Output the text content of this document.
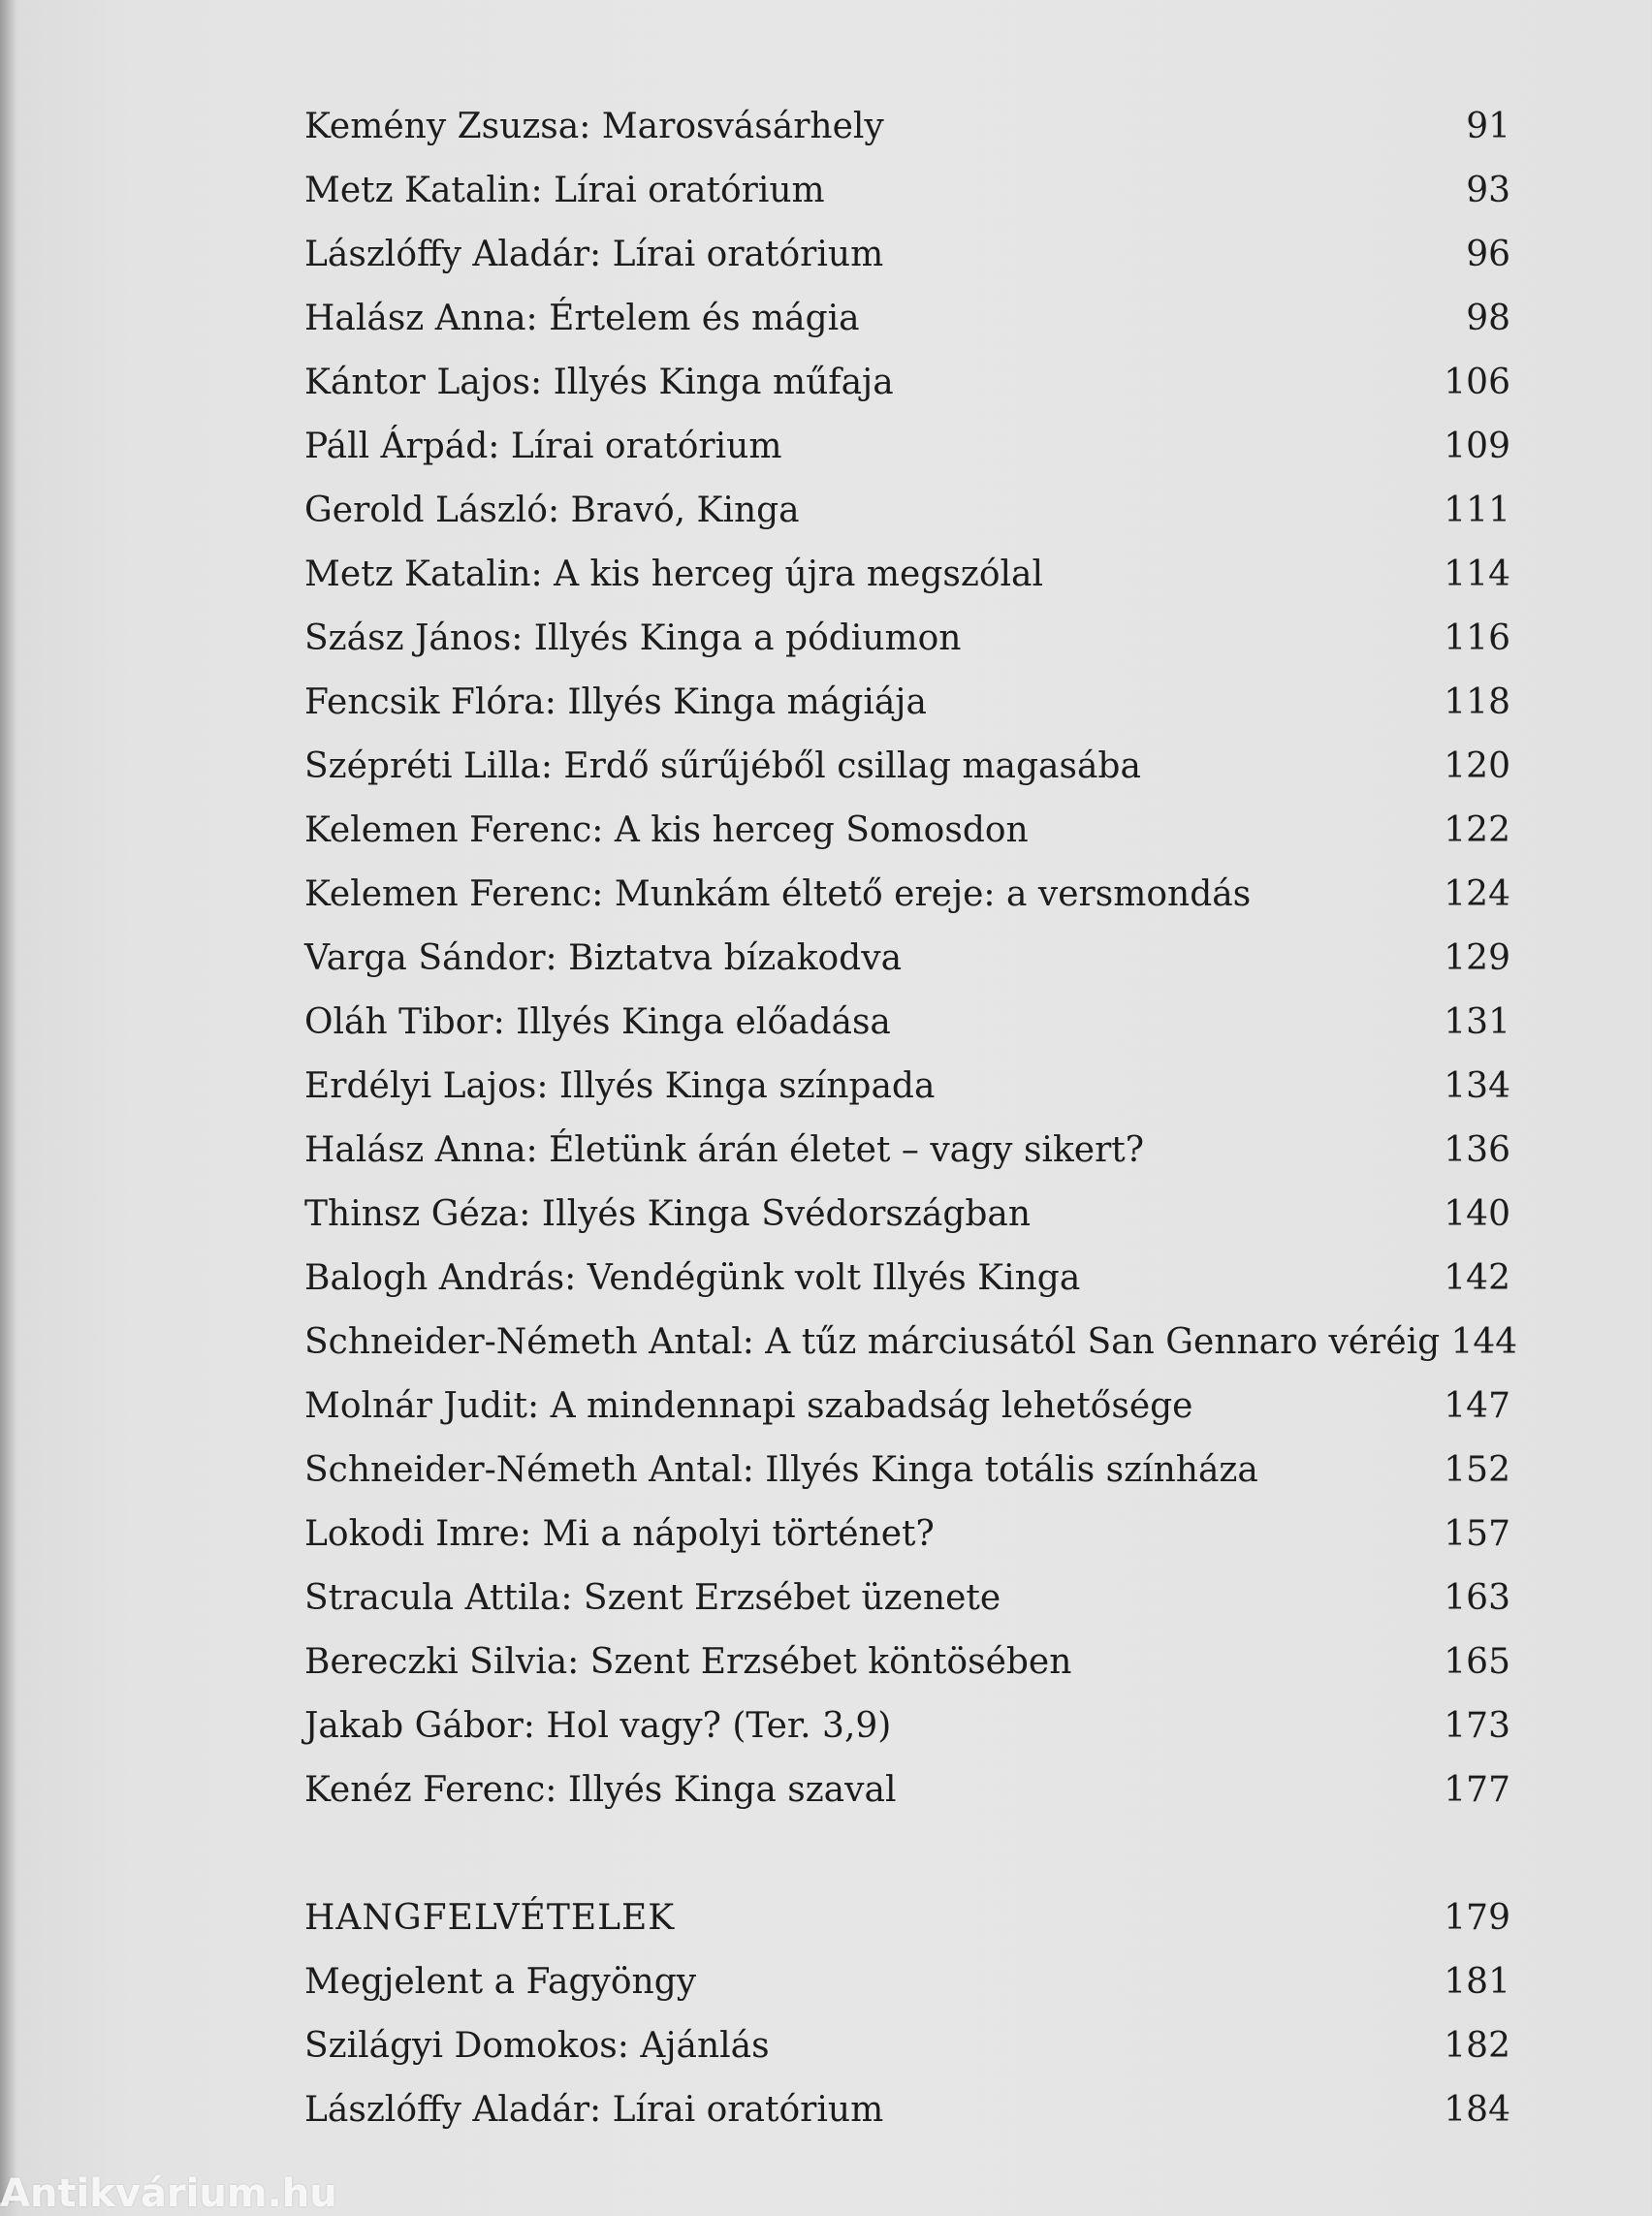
Kemény Zsuzsa: Marosvásárhely	91
Metz Katalin: Lírai oratórium	93
Lászlóffy Aladár: Lírai oratórium	96
Halász Anna: Értelem és mágia	98
Kántor Lajos: Illyés Kinga műfaja	106
Páll Árpád: Lírai oratórium	109
Gerold László: Bravó, Kinga	111
Metz Katalin: A kis herceg újra megszólal	114
Szász János: Illyés Kinga a pódiumon	116
Fencsik Flóra: Illyés Kinga mágiája	118
Szépréti Lilla: Erdő sűrűjéből csillag magasába	120
Kelemen Ferenc: A kis herceg Somosdon	122
Kelemen Ferenc: Munkám éltető ereje: a versmondás	124
Varga Sándor: Biztatva bízakodva	129
Oláh Tibor: Illyés Kinga előadása	131
Erdélyi Lajos: Illyés Kinga színpada	134
Halász Anna: Életünk árán életet – vagy sikert?	136
Thinsz Géza: Illyés Kinga Svédországban	140
Balogh András: Vendégünk volt Illyés Kinga	142
Schneider-Németh Antal: A tűz márciusától San Gennaro véréig 144
Molnár Judit: A mindennapi szabadság lehetősége	147
Schneider-Németh Antal: Illyés Kinga totális színháza	152
Lokodi Imre: Mi a nápolyi történet?	157
Stracula Attila: Szent Erzsébet üzenete	163
Bereczki Silvia: Szent Erzsébet köntösében	165
Jakab Gábor: Hol vagy? (Ter. 3,9)	173
Kenéz Ferenc: Illyés Kinga szaval	177
HANGFELVÉTELEK	179
Megjelent a Fagyöngy	181
Szilágyi Domokos: Ajánlás	182
Lászlóffy Aladár: Lírai oratórium	184
Antikvárium.hu
